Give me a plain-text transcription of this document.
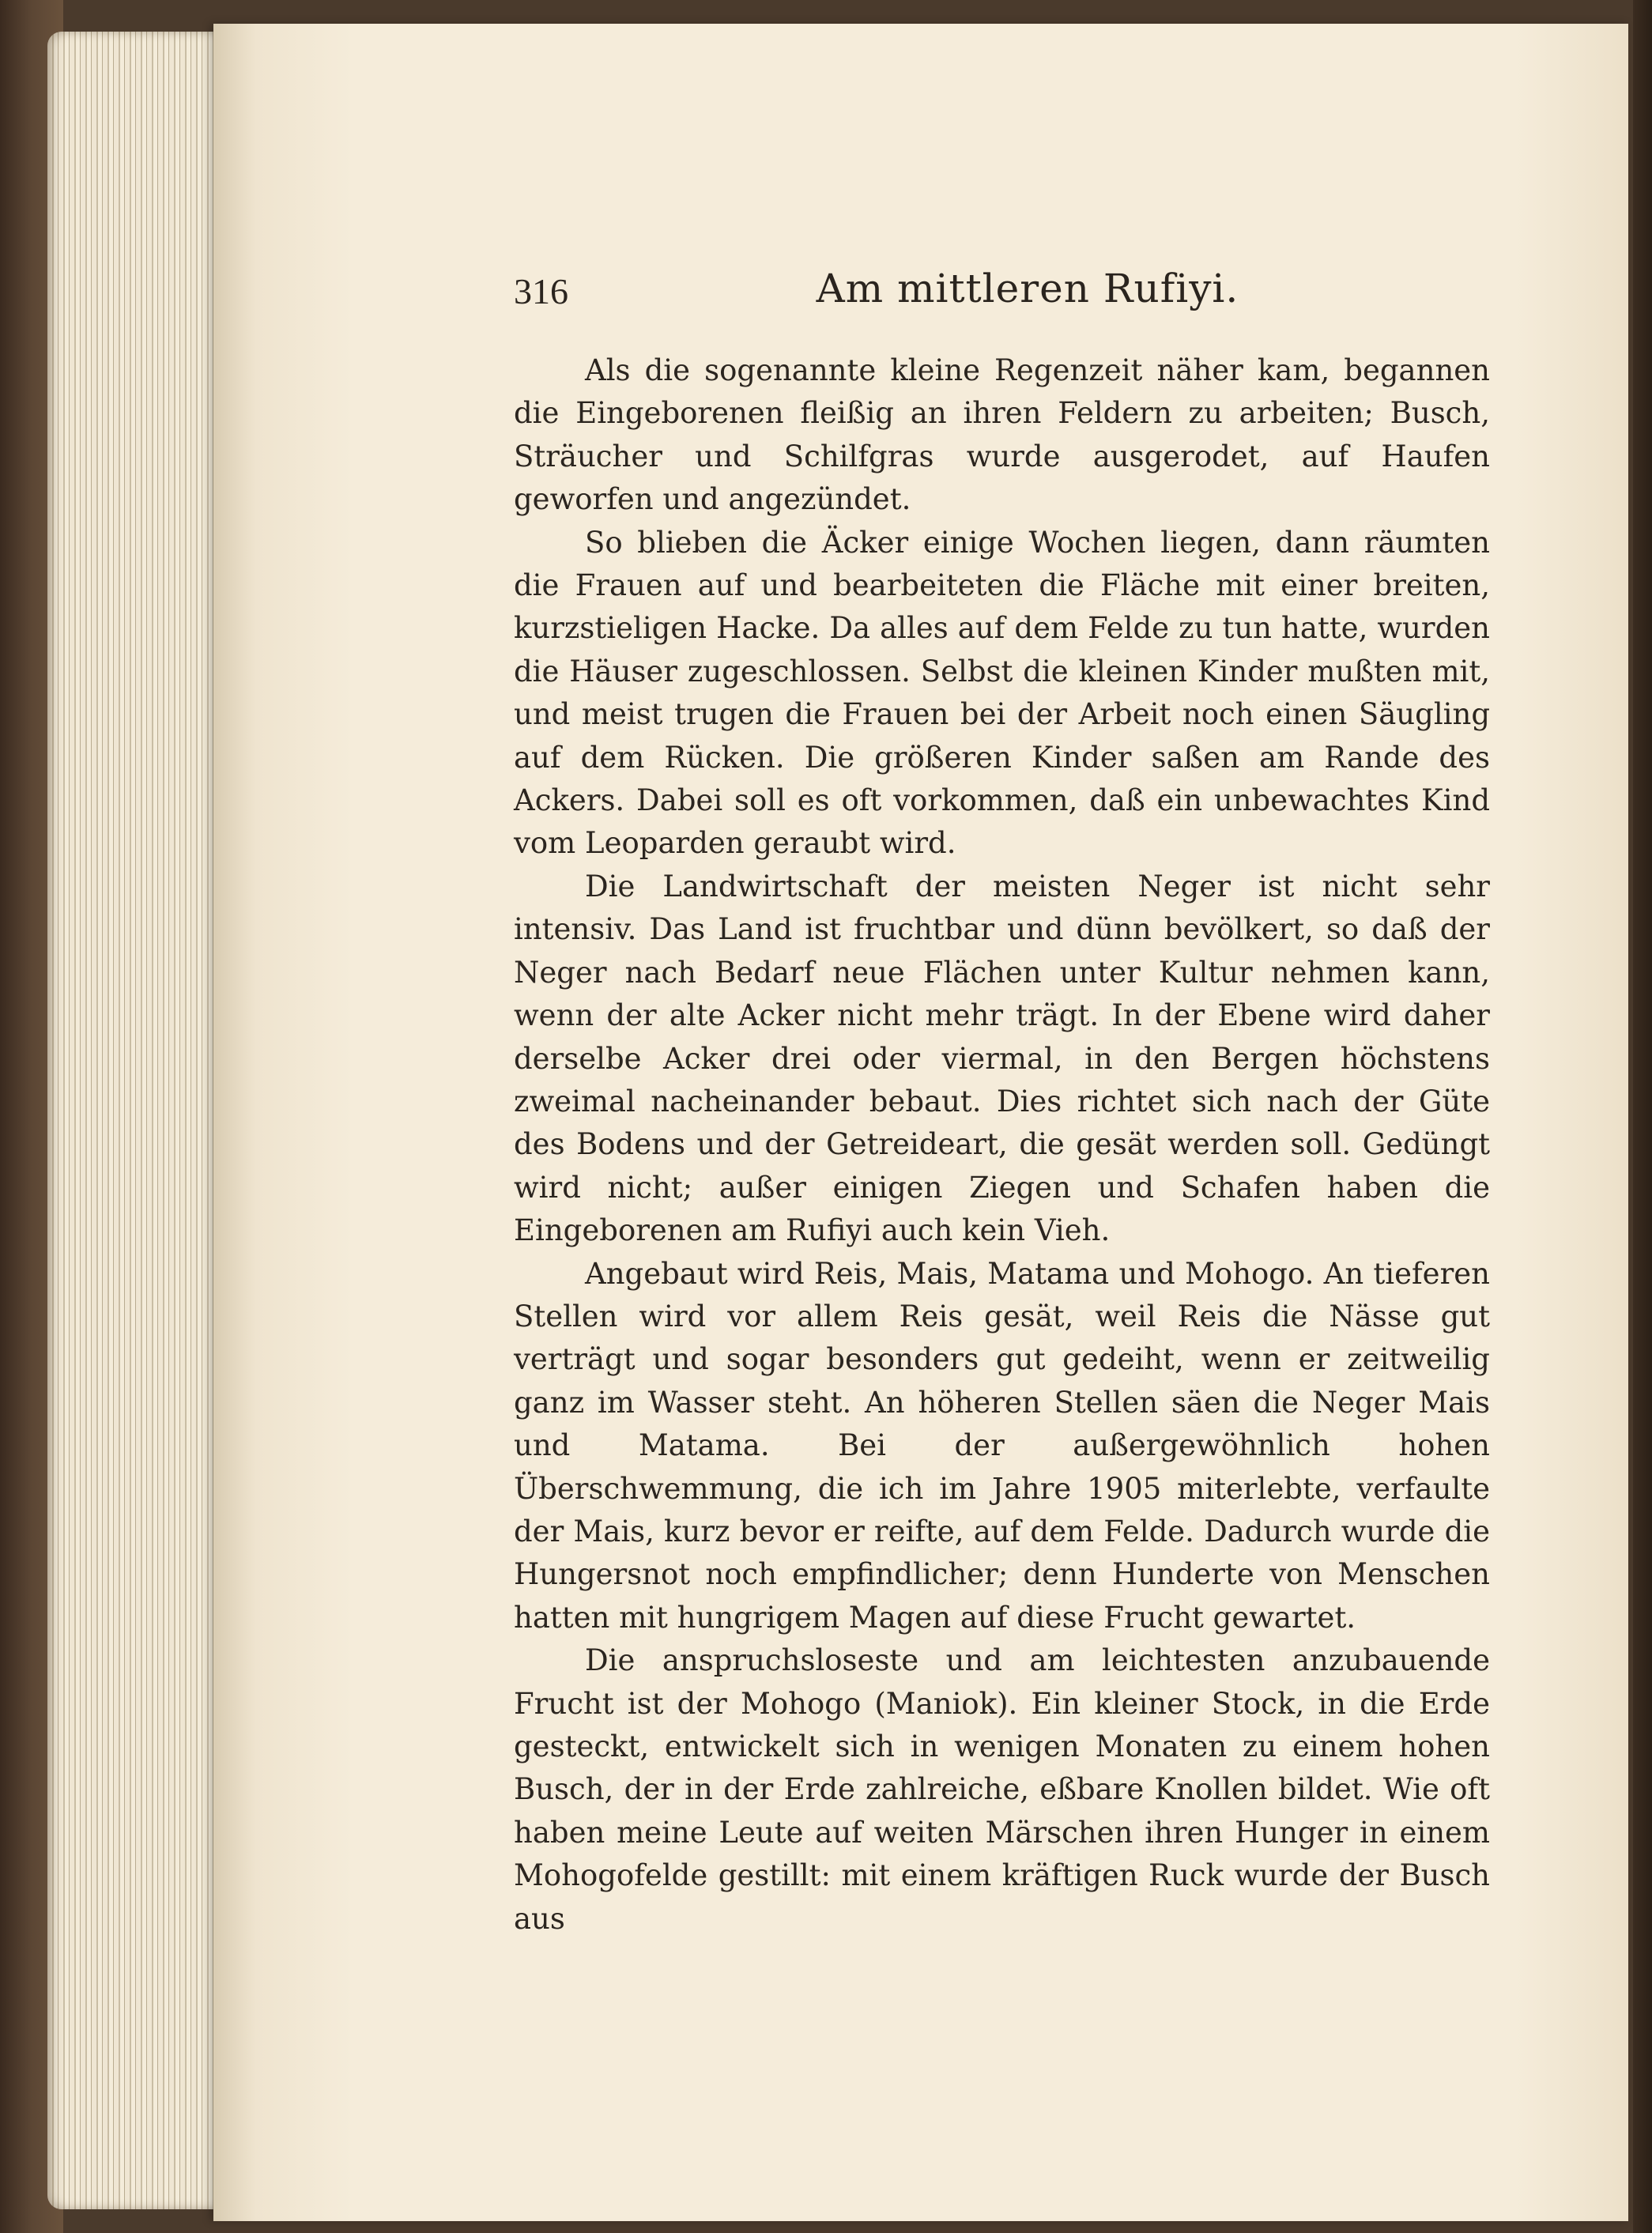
316	Am mittleren Rufiyi.

Als die sogenannte kleine Regenzeit näher kam, begannen die Eingeborenen fleißig an ihren Feldern zu arbeiten; Busch, Sträucher und Schilfgras wurde ausgerodet, auf Haufen geworfen und angezündet.

So blieben die Äcker einige Wochen liegen, dann räumten die Frauen auf und bearbeiteten die Fläche mit einer breiten, kurzstieligen Hacke. Da alles auf dem Felde zu tun hatte, wurden die Häuser zugeschlossen. Selbst die kleinen Kinder mußten mit, und meist trugen die Frauen bei der Arbeit noch einen Säugling auf dem Rücken. Die größeren Kinder saßen am Rande des Ackers. Dabei soll es oft vorkommen, daß ein unbewachtes Kind vom Leoparden geraubt wird.

Die Landwirtschaft der meisten Neger ist nicht sehr intensiv. Das Land ist fruchtbar und dünn bevölkert, so daß der Neger nach Bedarf neue Flächen unter Kultur nehmen kann, wenn der alte Acker nicht mehr trägt. In der Ebene wird daher derselbe Acker drei oder viermal, in den Bergen höchstens zweimal nacheinander bebaut. Dies richtet sich nach der Güte des Bodens und der Getreideart, die gesät werden soll. Gedüngt wird nicht; außer einigen Ziegen und Schafen haben die Eingeborenen am Rufiyi auch kein Vieh.

Angebaut wird Reis, Mais, Matama und Mohogo. An tieferen Stellen wird vor allem Reis gesät, weil Reis die Nässe gut verträgt und sogar besonders gut gedeiht, wenn er zeitweilig ganz im Wasser steht. An höheren Stellen säen die Neger Mais und Matama. Bei der außergewöhnlich hohen Überschwemmung, die ich im Jahre 1905 miterlebte, verfaulte der Mais, kurz bevor er reifte, auf dem Felde. Dadurch wurde die Hungersnot noch empfindlicher; denn Hunderte von Menschen hatten mit hungrigem Magen auf diese Frucht gewartet.

Die anspruchsloseste und am leichtesten anzubauende Frucht ist der Mohogo (Maniok). Ein kleiner Stock, in die Erde gesteckt, entwickelt sich in wenigen Monaten zu einem hohen Busch, der in der Erde zahlreiche, eßbare Knollen bildet. Wie oft haben meine Leute auf weiten Märschen ihren Hunger in einem Mohogofelde gestillt: mit einem kräftigen Ruck wurde der Busch aus
